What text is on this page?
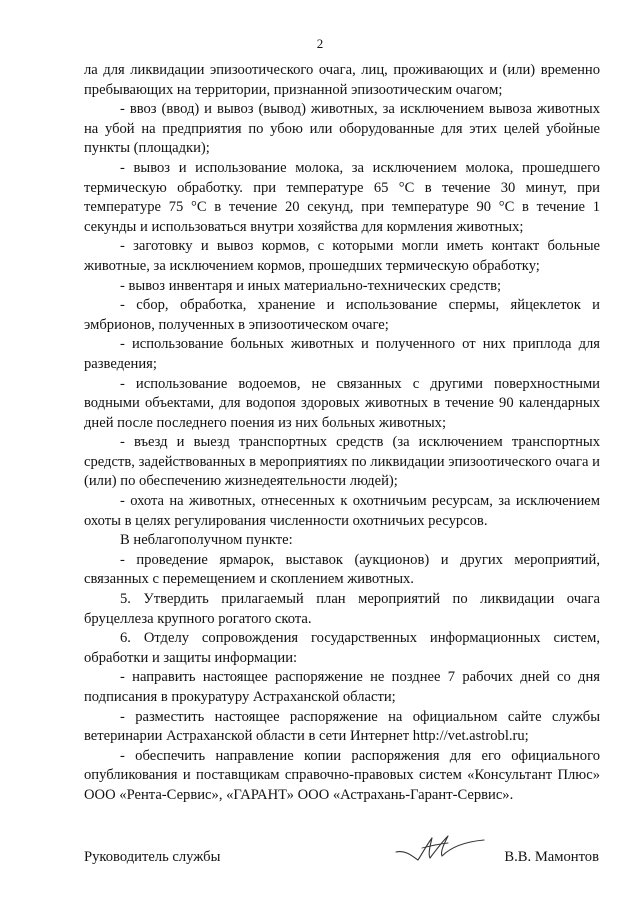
2

ла для ликвидации эпизоотического очага, лиц, проживающих и (или) временно пребывающих на территории, признанной эпизоотическим очагом;

- ввоз (ввод) и вывоз (вывод) животных, за исключением вывоза животных на убой на предприятия по убою или оборудованные для этих целей убойные пункты (площадки);

- вывоз и использование молока, за исключением молока, прошедшего термическую обработку. при температуре 65 °С в течение 30 минут, при температуре 75 °С в течение 20 секунд, при температуре 90 °С в течение 1 секунды и использоваться внутри хозяйства для кормления животных;

- заготовку и вывоз кормов, с которыми могли иметь контакт больные животные, за исключением кормов, прошедших термическую обработку;

- вывоз инвентаря и иных материально-технических средств;

- сбор, обработка, хранение и использование спермы, яйцеклеток и эмбрионов, полученных в эпизоотическом очаге;

- использование больных животных и полученного от них приплода для разведения;

- использование водоемов, не связанных с другими поверхностными водными объектами, для водопоя здоровых животных в течение 90 календарных дней после последнего поения из них больных животных;

- въезд и выезд транспортных средств (за исключением транспортных средств, задействованных в мероприятиях по ликвидации эпизоотического очага и (или) по обеспечению жизнедеятельности людей);

- охота на животных, отнесенных к охотничьим ресурсам, за исключением охоты в целях регулирования численности охотничьих ресурсов.

В неблагополучном пункте:

- проведение ярмарок, выставок (аукционов) и других мероприятий, связанных с перемещением и скоплением животных.

5. Утвердить прилагаемый план мероприятий по ликвидации очага бруцеллеза крупного рогатого скота.

6. Отделу сопровождения государственных информационных систем, обработки и защиты информации:

- направить настоящее распоряжение не позднее 7 рабочих дней со дня подписания в прокуратуру Астраханской области;

- разместить настоящее распоряжение на официальном сайте службы ветеринарии Астраханской области в сети Интернет http://vet.astrobl.ru;

- обеспечить направление копии распоряжения для его официального опубликования и поставщикам справочно-правовых систем «Консультант Плюс» ООО «Рента-Сервис», «ГАРАНТ» ООО «Астрахань-Гарант-Сервис».

Руководитель службы	В.В. Мамонтов
